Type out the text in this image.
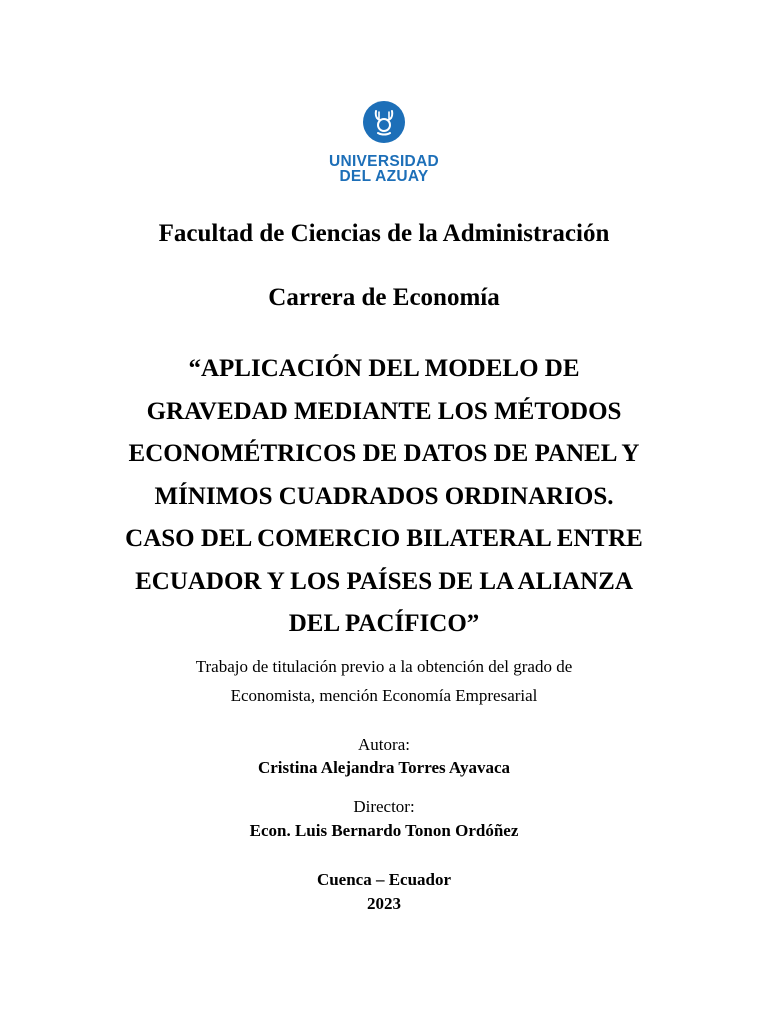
UNIVERSIDAD
DEL AZUAY
Facultad de Ciencias de la Administración
Carrera de Economía
“APLICACIÓN DEL MODELO DE
GRAVEDAD MEDIANTE LOS MÉTODOS
ECONOMÉTRICOS DE DATOS DE PANEL Y
MÍNIMOS CUADRADOS ORDINARIOS.
CASO DEL COMERCIO BILATERAL ENTRE
ECUADOR Y LOS PAÍSES DE LA ALIANZA
DEL PACÍFICO”
Trabajo de titulación previo a la obtención del grado de
Economista, mención Economía Empresarial
Autora:
Cristina Alejandra Torres Ayavaca
Director:
Econ. Luis Bernardo Tonon Ordóñez
Cuenca – Ecuador
2023
